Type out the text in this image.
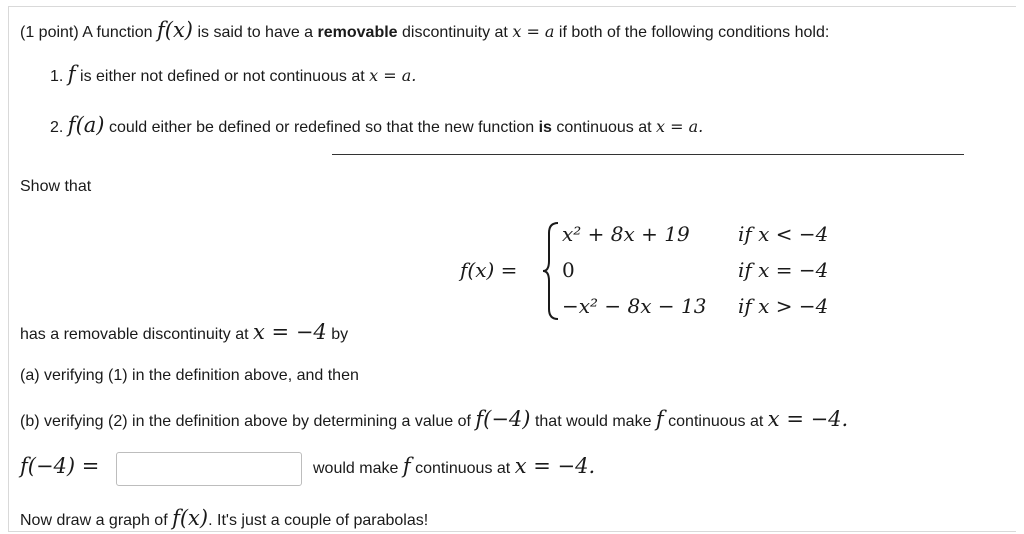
(1 point) A function f(x) is said to have a removable discontinuity at x = a if both of the following conditions hold:
1. f is either not defined or not continuous at x = a.
2. f(a) could either be defined or redefined so that the new function is continuous at x = a.
Show that
f(x) =
x² + 8x + 19 if x < −4
0	if x = −4
−x² − 8x − 13 if x > −4
has a removable discontinuity at x = −4 by
(a) verifying (1) in the definition above, and then
(b) verifying (2) in the definition above by determining a value of f(−4) that would make f continuous at x = −4.
f(−4) =	would make f continuous at x = −4.
Now draw a graph of f(x). It's just a couple of parabolas!
